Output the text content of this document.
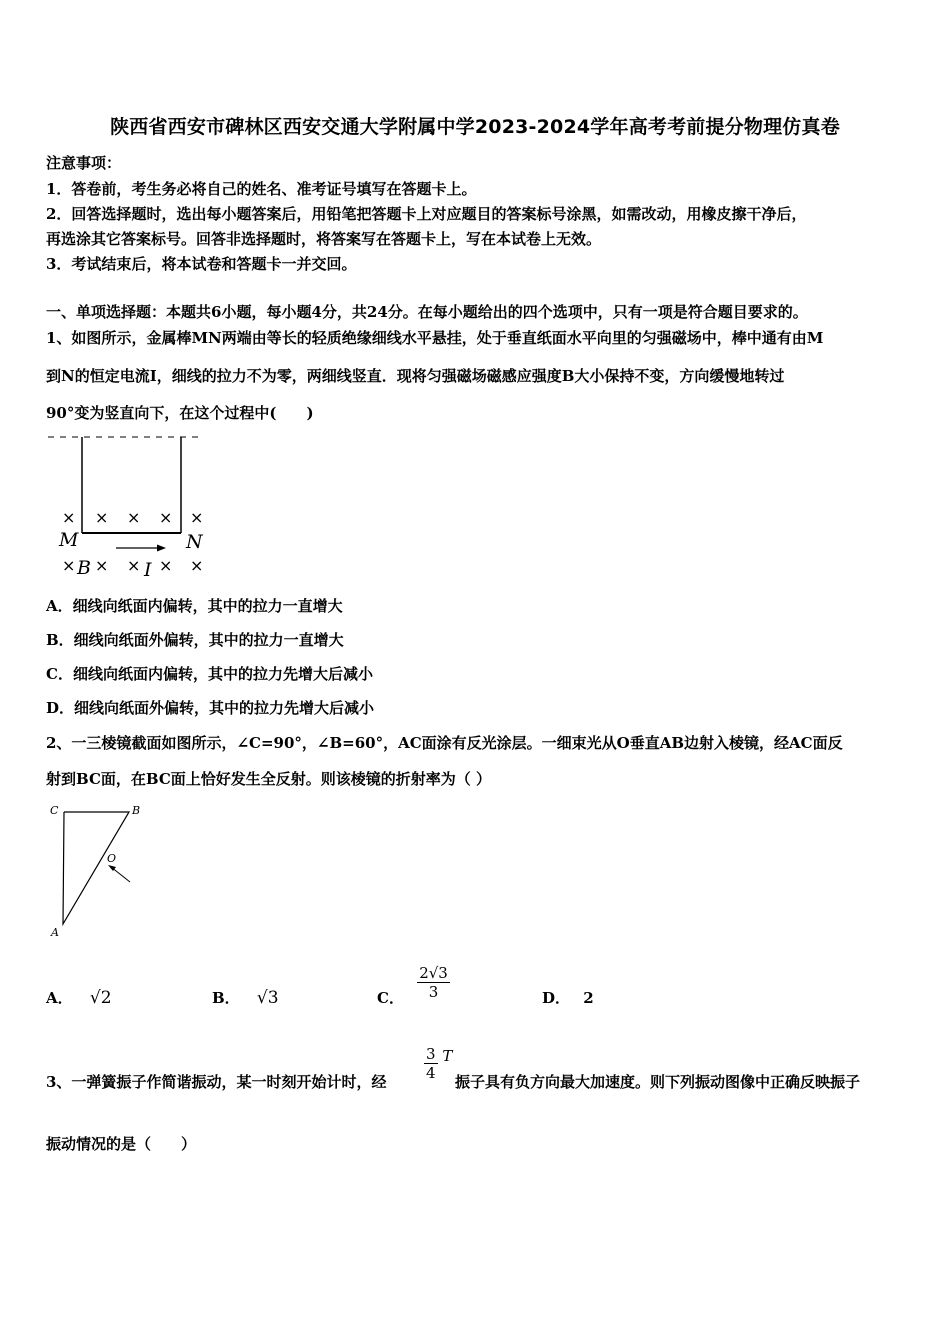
陕西省西安市碑林区西安交通大学附属中学2023-2024学年高考考前提分物理仿真卷
注意事项：
1．答卷前，考生务必将自己的姓名、准考证号填写在答题卡上。
2．回答选择题时，选出每小题答案后，用铅笔把答题卡上对应题目的答案标号涂黑，如需改动，用橡皮擦干净后，
再选涂其它答案标号。回答非选择题时，将答案写在答题卡上，写在本试卷上无效。
3．考试结束后，将本试卷和答题卡一并交回。
一、单项选择题：本题共6小题，每小题4分，共24分。在每小题给出的四个选项中，只有一项是符合题目要求的。
1、如图所示，金属棒MN两端由等长的轻质绝缘细线水平悬挂，处于垂直纸面水平向里的匀强磁场中，棒中通有由M
到N的恒定电流I，细线的拉力不为零，两细线竖直．现将匀强磁场磁感应强度B大小保持不变，方向缓慢地转过
90°变为竖直向下，在这个过程中(　　)
× × × × ×
× × × × ×
M	N
B	I
A．细线向纸面内偏转，其中的拉力一直增大
B．细线向纸面外偏转，其中的拉力一直增大
C．细线向纸面内偏转，其中的拉力先增大后减小
D．细线向纸面外偏转，其中的拉力先增大后减小
2、一三棱镜截面如图所示，∠C=90°，∠B=60°，AC面涂有反光涂层。一细束光从O垂直AB边射入棱镜，经AC面反
射到BC面，在BC面上恰好发生全反射。则该棱镜的折射率为（ ）
C	B
O
A
A． √2	B． √3	C． $\frac{2√3}{3}$	D． 2
3、一弹簧振子作简谐振动，某一时刻开始计时，经	$\frac{3}{4}$ T
振子具有负方向最大加速度。则下列振动图像中正确反映振子
振动情况的是（　　）
